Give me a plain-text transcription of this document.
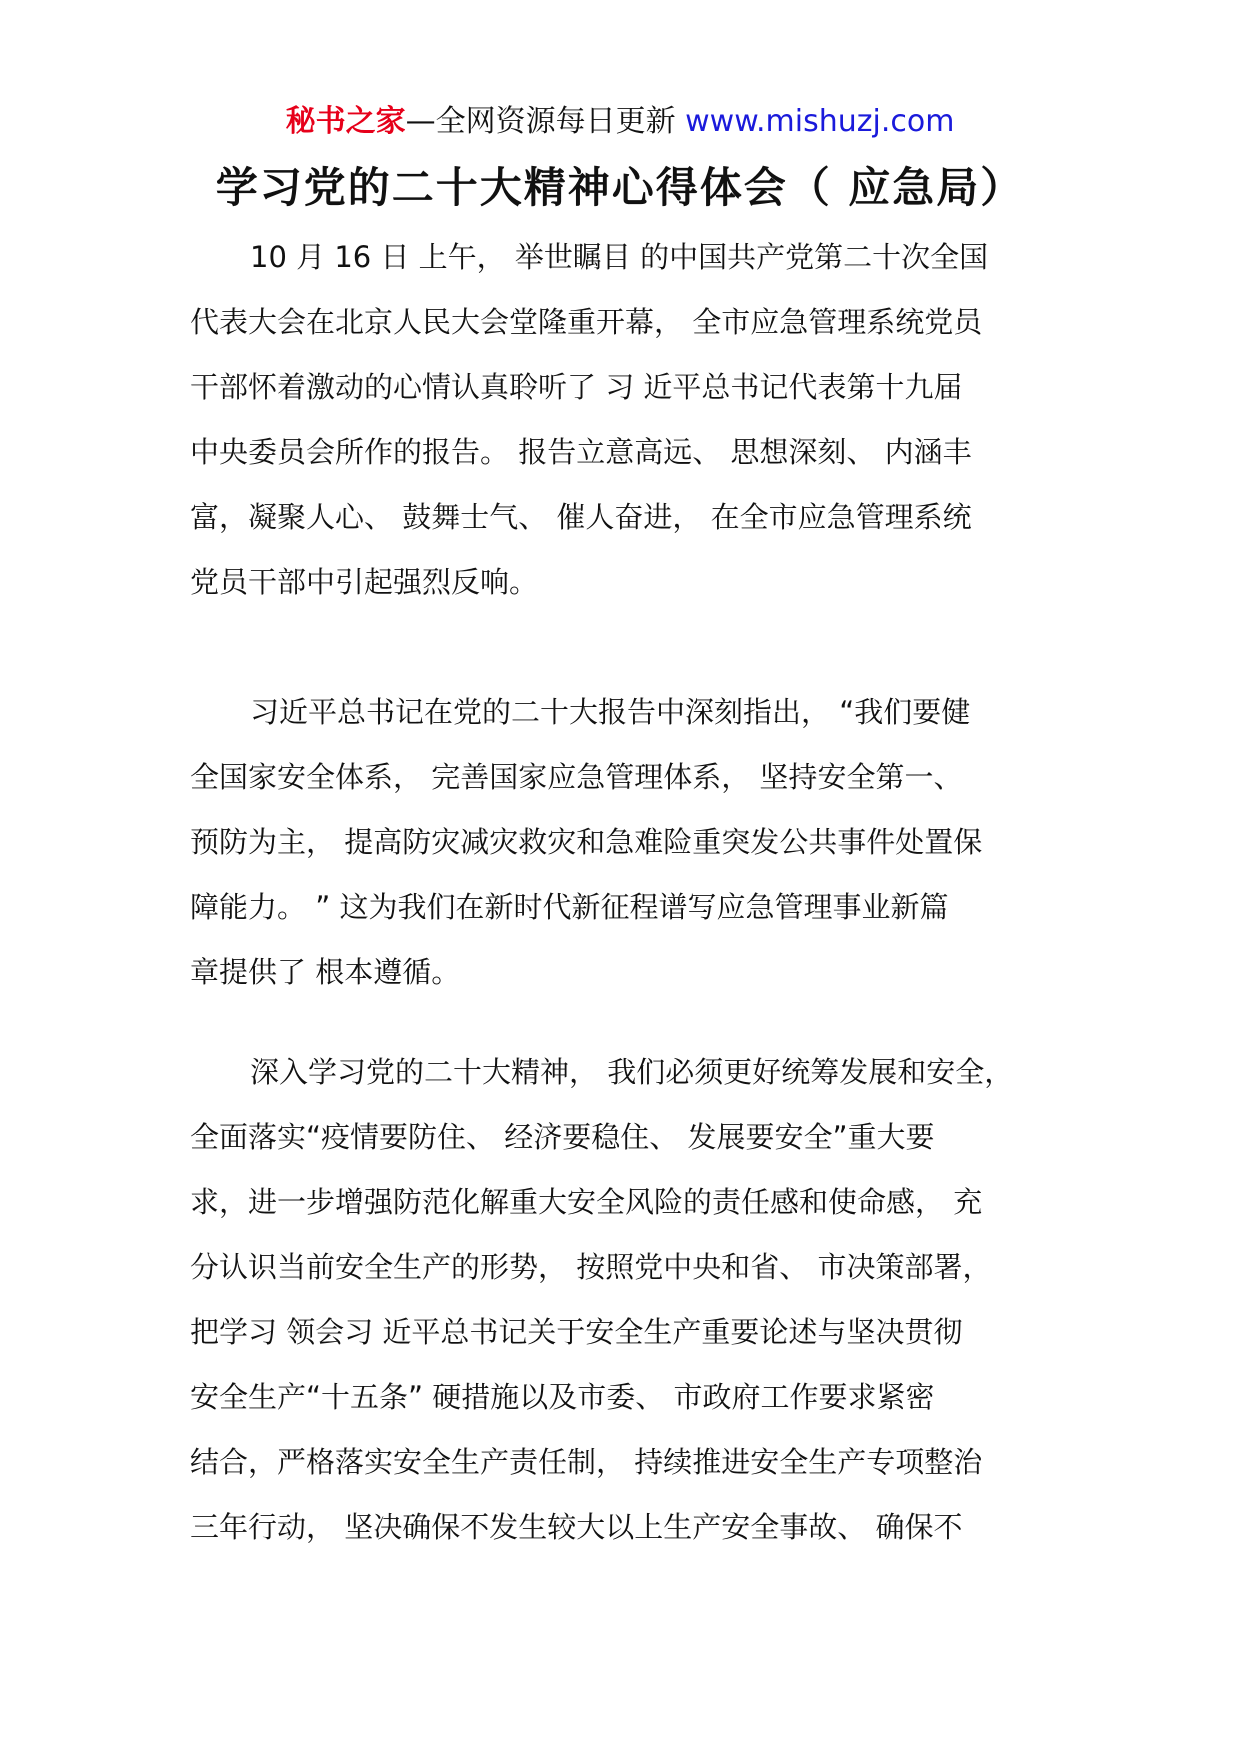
秘书之家—全网资源每日更新 www.mishuzj.com
学习党的二十大精神心得体会（ 应急局）
10 月 16 日 上午， 举世瞩目 的中国共产党第二十次全国
代表大会在北京人民大会堂隆重开幕， 全市应急管理系统党员
干部怀着激动的心情认真聆听了 习 近平总书记代表第十九届
中央委员会所作的报告。 报告立意高远、 思想深刻、 内涵丰
富，凝聚人心、 鼓舞士气、 催人奋进， 在全市应急管理系统
党员干部中引起强烈反响。
习近平总书记在党的二十大报告中深刻指出， “我们要健
全国家安全体系， 完善国家应急管理体系， 坚持安全第一、
预防为主， 提高防灾减灾救灾和急难险重突发公共事件处置保
障能力。 ” 这为我们在新时代新征程谱写应急管理事业新篇
章提供了 根本遵循。
深入学习党的二十大精神， 我们必须更好统筹发展和安全，
全面落实“疫情要防住、 经济要稳住、 发展要安全”重大要
求，进一步增强防范化解重大安全风险的责任感和使命感， 充
分认识当前安全生产的形势， 按照党中央和省、 市决策部署，
把学习 领会习 近平总书记关于安全生产重要论述与坚决贯彻
安全生产“十五条” 硬措施以及市委、 市政府工作要求紧密
结合，严格落实安全生产责任制， 持续推进安全生产专项整治
三年行动， 坚决确保不发生较大以上生产安全事故、 确保不
